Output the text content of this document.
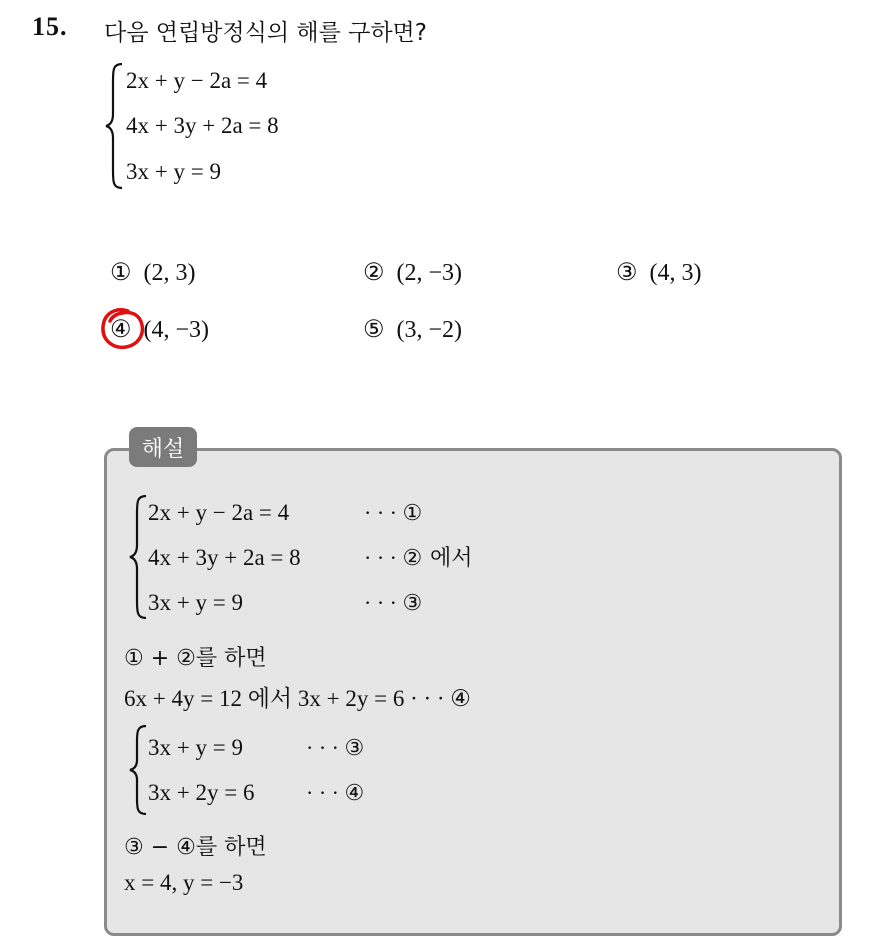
15. 다음 연립방정식의 해를 구하면?
2x + y − 2a = 4
4x + 3y + 2a = 8
3x + y = 9
① (2, 3)	② (2, −3)	③ (4, 3)
④ (4, −3)	⑤ (3, −2)
해설
2x + y − 2a = 4	· · · ①
4x + 3y + 2a = 8	· · · ② 에서
3x + y = 9	· · · ③
① + ②를 하면
6x + 4y = 12 에서 3x + 2y = 6 · · · ④
3x + y = 9	· · · ③
3x + 2y = 6 · · · ④
③ − ④를 하면
x = 4, y = −3
